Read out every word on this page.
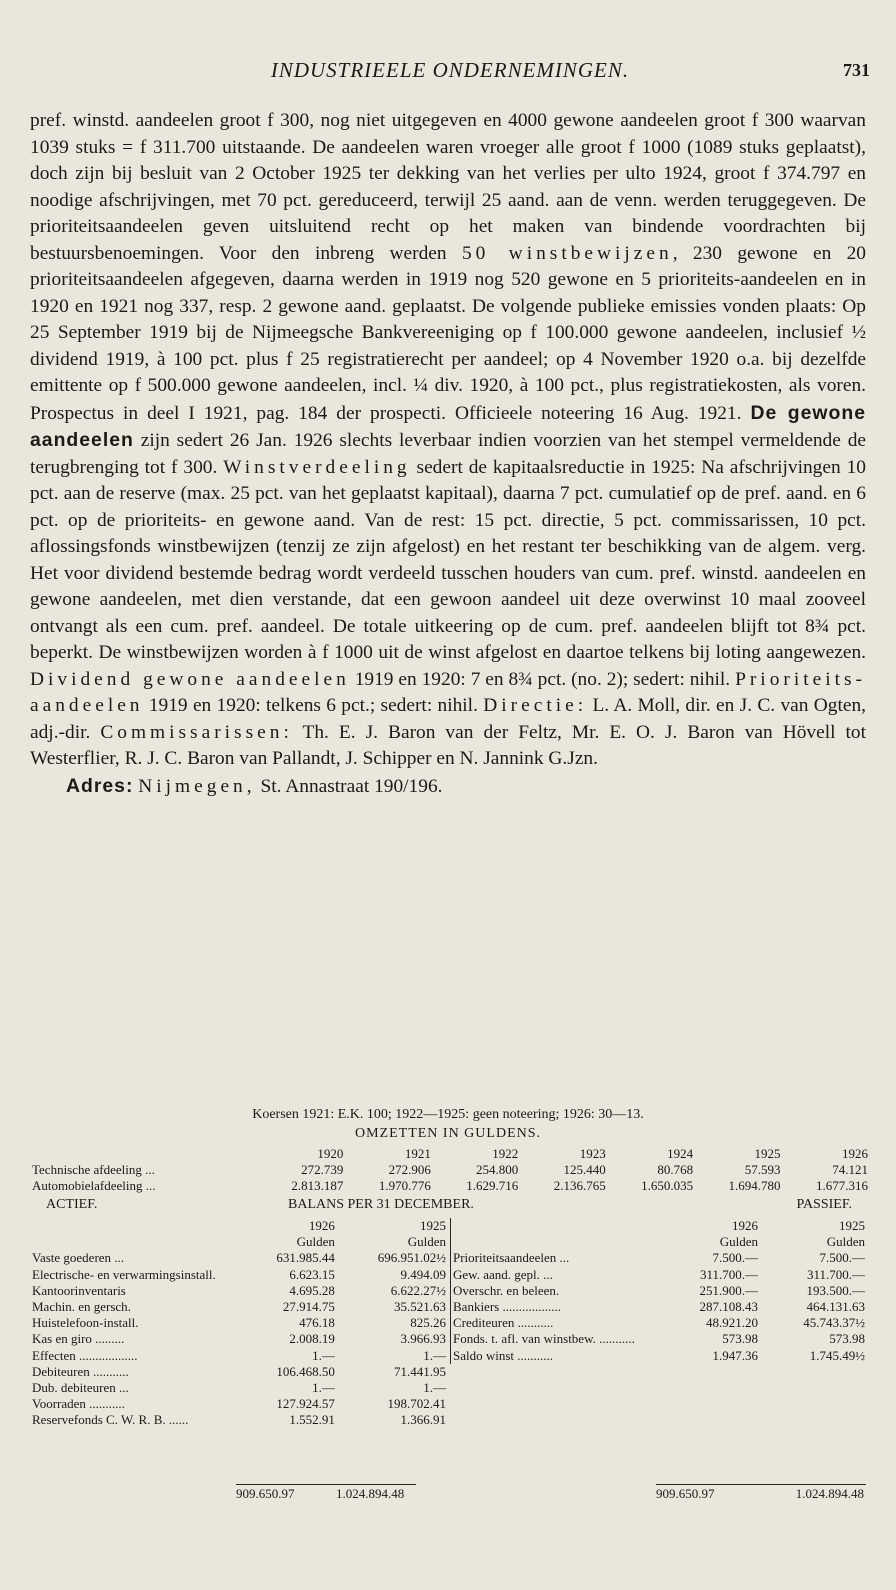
INDUSTRIEELE ONDERNEMINGEN.	731

pref. winstd. aandeelen groot f 300, nog niet uitgegeven en 4000 gewone aandeelen groot f 300 waarvan 1039 stuks = f 311.700 uitstaande. De aandeelen waren vroeger alle groot f 1000 (1089 stuks geplaatst), doch zijn bij besluit van 2 October 1925 ter dekking van het verlies per ulto 1924, groot f 374.797 en noodige afschrijvingen, met 70 pct. gereduceerd, terwijl 25 aand. aan de venn. werden teruggegeven. De prioriteitsaandeelen geven uitsluitend recht op het maken van bindende voordrachten bij bestuursbenoemingen. Voor den inbreng werden 50 winstbewijzen, 230 gewone en 20 prioriteitsaandeelen afgegeven, daarna werden in 1919 nog 520 gewone en 5 prioriteits-aandeelen en in 1920 en 1921 nog 337, resp. 2 gewone aand. geplaatst. De volgende publieke emissies vonden plaats: Op 25 September 1919 bij de Nijmeegsche Bankvereeniging op f 100.000 gewone aandeelen, inclusief ½ dividend 1919, à 100 pct. plus f 25 registratierecht per aandeel; op 4 November 1920 o.a. bij dezelfde emittente op f 500.000 gewone aandeelen, incl. ¼ div. 1920, à 100 pct., plus registratiekosten, als voren. Prospectus in deel I 1921, pag. 184 der prospecti. Officieele noteering 16 Aug. 1921. De gewone aandeelen zijn sedert 26 Jan. 1926 slechts leverbaar indien voorzien van het stempel vermeldende de terugbrenging tot f 300. Winstverdeeling sedert de kapitaalsreductie in 1925: Na afschrijvingen 10 pct. aan de reserve (max. 25 pct. van het geplaatst kapitaal), daarna 7 pct. cumulatief op de pref. aand. en 6 pct. op de prioriteits- en gewone aand. Van de rest: 15 pct. directie, 5 pct. commissarissen, 10 pct. aflossingsfonds winstbewijzen (tenzij ze zijn afgelost) en het restant ter beschikking van de algem. verg. Het voor dividend bestemde bedrag wordt verdeeld tusschen houders van cum. pref. winstd. aandeelen en gewone aandeelen, met dien verstande, dat een gewoon aandeel uit deze overwinst 10 maal zooveel ontvangt als een cum. pref. aandeel. De totale uitkeering op de cum. pref. aandeelen blijft tot 8¾ pct. beperkt. De winstbewijzen worden à f 1000 uit de winst afgelost en daartoe telkens bij loting aangewezen. Dividend gewone aandeelen 1919 en 1920: 7 en 8¾ pct. (no. 2); sedert: nihil. Prioriteits-aandeelen 1919 en 1920: telkens 6 pct.; sedert: nihil. Directie: L. A. Moll, dir. en J. C. van Ogten, adj.-dir. Commissarissen: Th. E. J. Baron van der Feltz, Mr. E. O. J. Baron van Hövell tot Westerflier, R. J. C. Baron van Pallandt, J. Schipper en N. Jannink G.Jzn.

Adres: Nijmegen, St. Annastraat 190/196.

Koersen 1921: E.K. 100; 1922—1925: geen noteering; 1926: 30—13.
OMZETTEN IN GULDENS.
	1920	1921	1922	1923	1924	1925	1926
Technische afdeeling ...	272.739	272.906	254.800	125.440	80.768	57.593	74.121
Automobielafdeeling ...	2.813.187	1.970.776	1.629.716	2.136.765	1.650.035	1.694.780	1.677.316
ACTIEF.	BALANS PER 31 DECEMBER.	PASSIEF.
	1926	1925
	Gulden	Gulden
Vaste goederen ...	631.985.44	696.951.02½
Electrische- en verwarmingsinstall.	6.623.15	9.494.09
Kantoorinventaris	4.695.28	6.622.27½
Machin. en gersch.	27.914.75	35.521.63
Huistelefoon-install.	476.18	825.26
Kas en giro .........	2.008.19	3.966.93
Effecten ..................	1.—	1.—
Debiteuren ...........	106.468.50	71.441.95
Dub. debiteuren ...	1.—	1.—
Voorraden ...........	127.924.57	198.702.41
Reservefonds C. W. R. B. ......	1.552.91	1.366.91
	1926	1925
	Gulden	Gulden
Prioriteitsaandeelen ...	7.500.—	7.500.—
Gew. aand. gepl. ...	311.700.—	311.700.—
Overschr. en beleen.	251.900.—	193.500.—
Bankiers ..................	287.108.43	464.131.63
Crediteuren ...........	48.921.20	45.743.37½
Fonds. t. afl. van winstbew. ...........	573.98	573.98
Saldo winst ...........	1.947.36	1.745.49½
909.650.97	1.024.894.48	909.650.97	1.024.894.48
